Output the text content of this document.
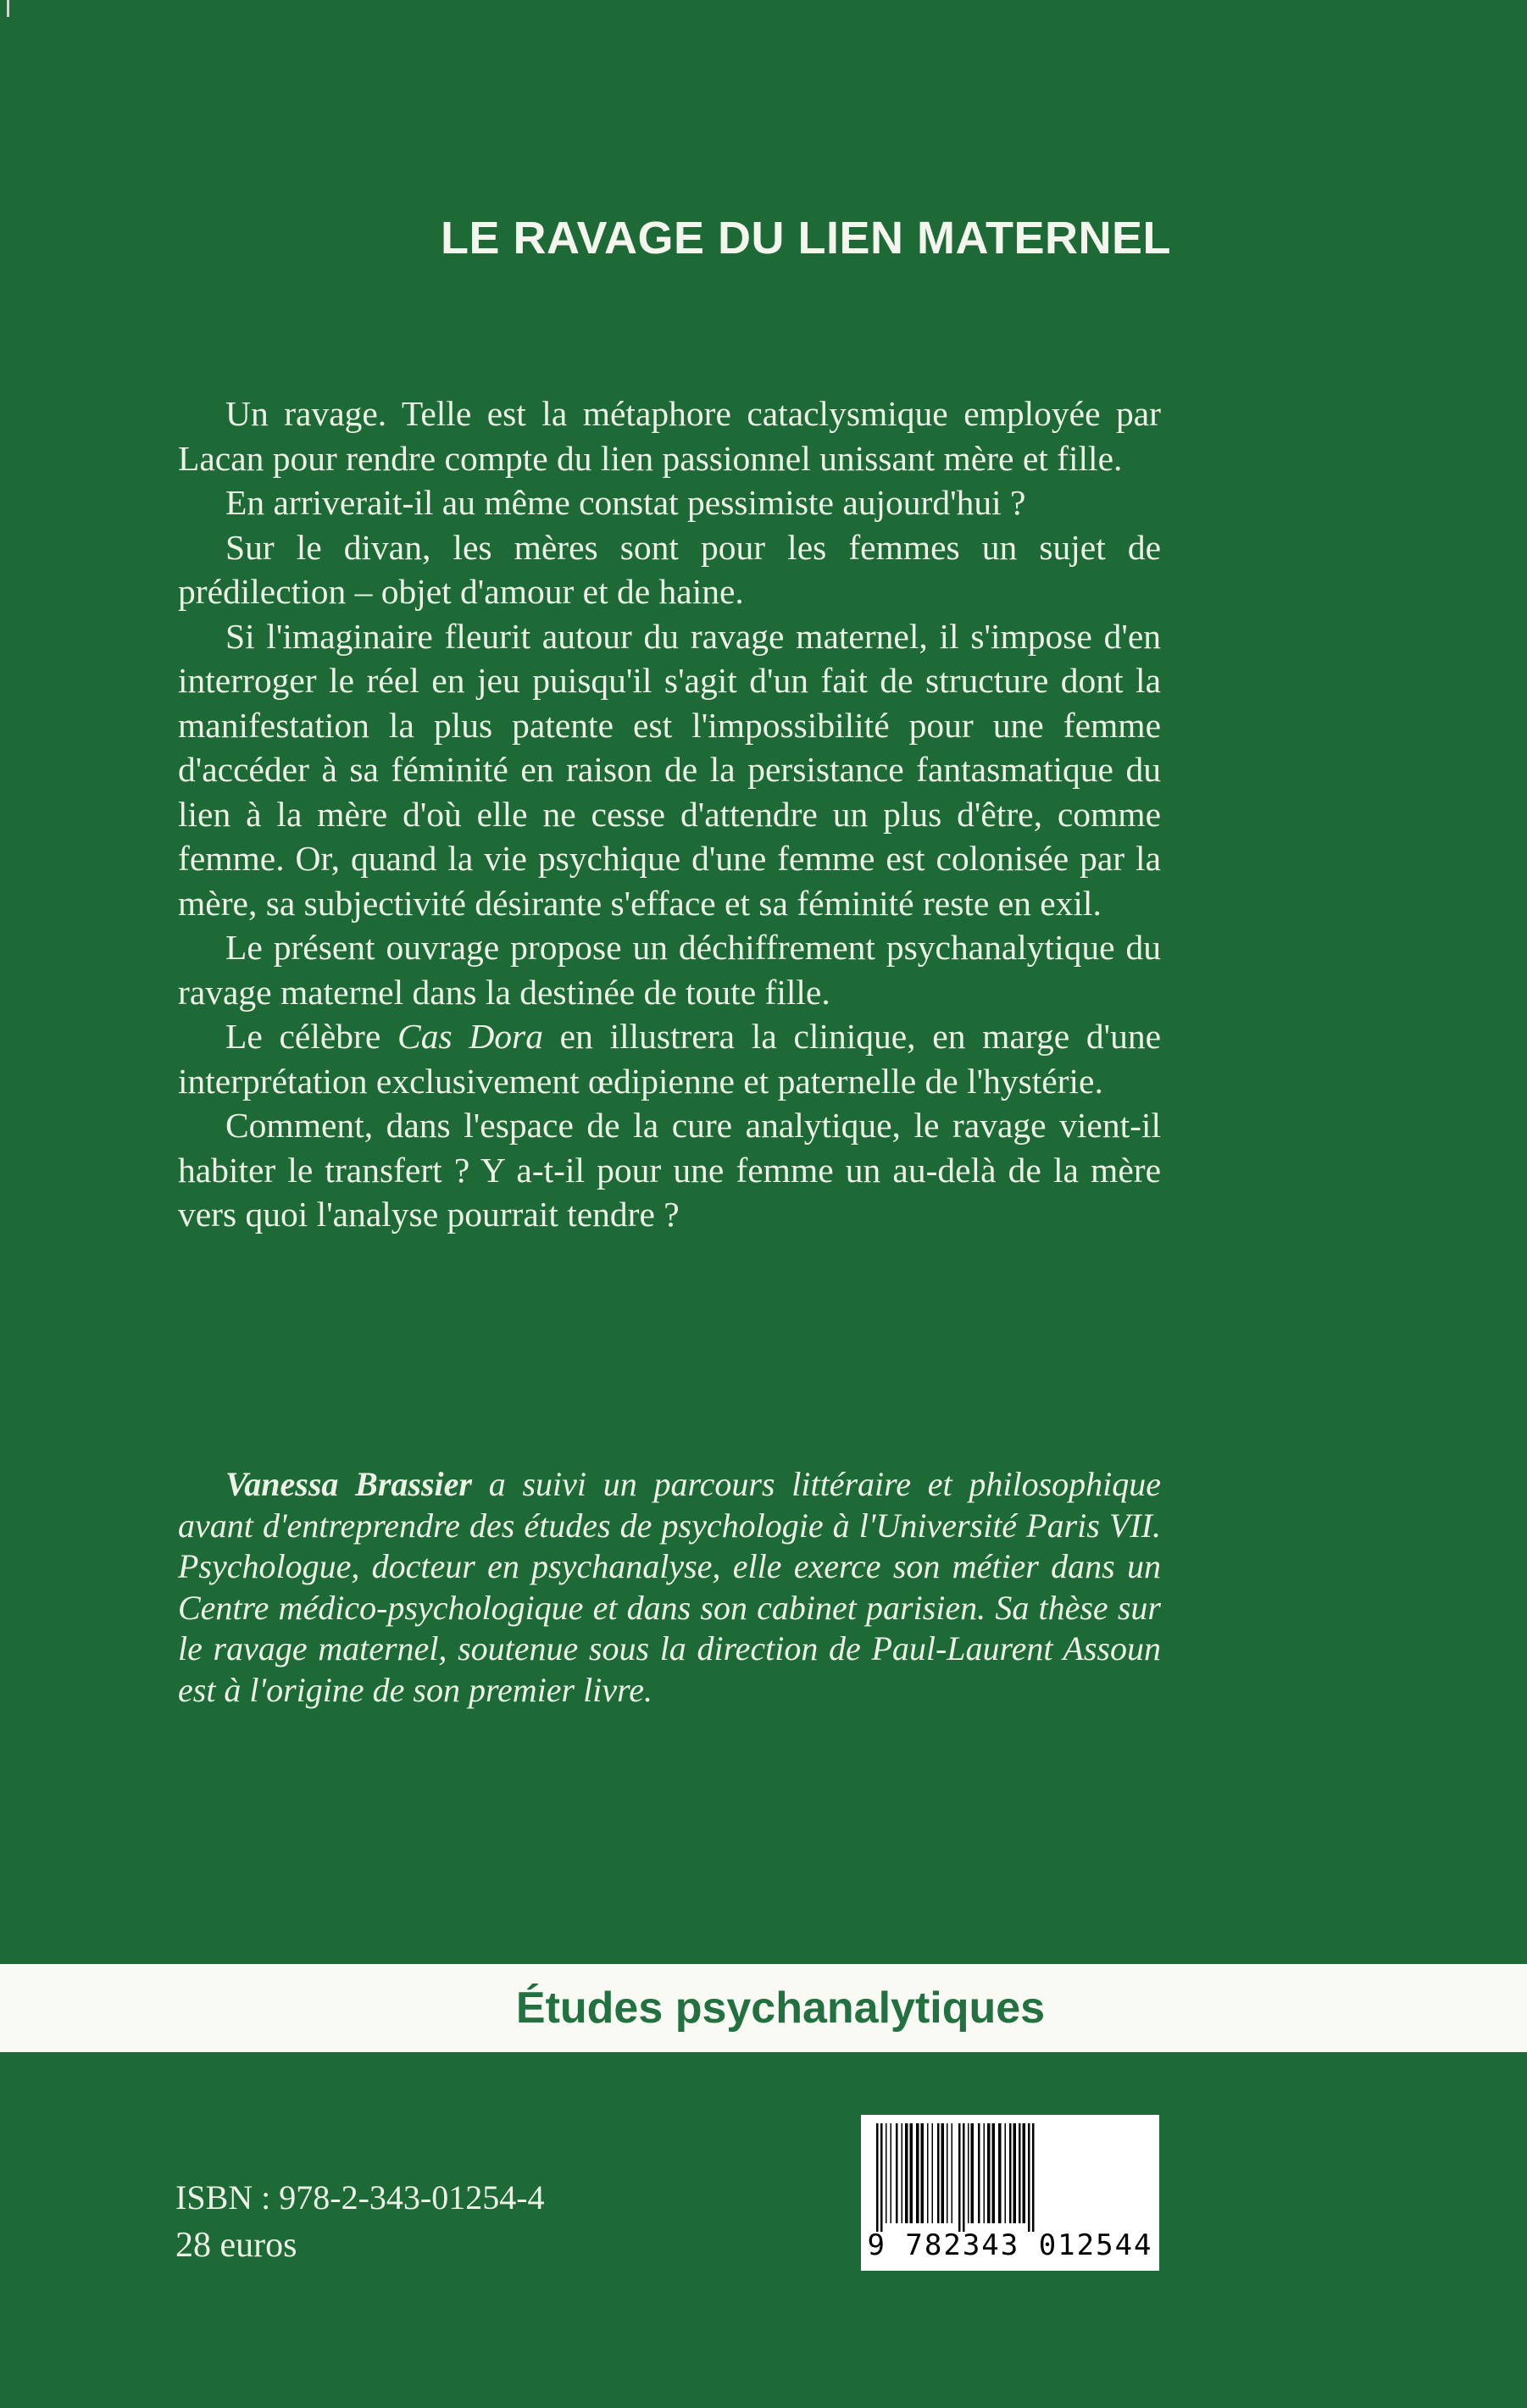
LE RAVAGE DU LIEN MATERNEL

Un ravage. Telle est la métaphore cataclysmique employée par Lacan pour rendre compte du lien passionnel unissant mère et fille.

En arriverait-il au même constat pessimiste aujourd'hui ?

Sur le divan, les mères sont pour les femmes un sujet de prédilection – objet d'amour et de haine.

Si l'imaginaire fleurit autour du ravage maternel, il s'impose d'en interroger le réel en jeu puisqu'il s'agit d'un fait de structure dont la manifestation la plus patente est l'impossibilité pour une femme d'accéder à sa féminité en raison de la persistance fantasmatique du lien à la mère d'où elle ne cesse d'attendre un plus d'être, comme femme. Or, quand la vie psychique d'une femme est colonisée par la mère, sa subjectivité désirante s'efface et sa féminité reste en exil.

Le présent ouvrage propose un déchiffrement psychanalytique du ravage maternel dans la destinée de toute fille.

Le célèbre Cas Dora en illustrera la clinique, en marge d'une interprétation exclusivement œdipienne et paternelle de l'hystérie.

Comment, dans l'espace de la cure analytique, le ravage vient-il habiter le transfert ? Y a-t-il pour une femme un au-delà de la mère vers quoi l'analyse pourrait tendre ?

Vanessa Brassier a suivi un parcours littéraire et philosophique avant d'entreprendre des études de psychologie à l'Université Paris VII. Psychologue, docteur en psychanalyse, elle exerce son métier dans un Centre médico-psychologique et dans son cabinet parisien. Sa thèse sur le ravage maternel, soutenue sous la direction de Paul-Laurent Assoun est à l'origine de son premier livre.

Études psychanalytiques
ISBN : 978-2-343-01254-4
28 euros	9 782343 012544
